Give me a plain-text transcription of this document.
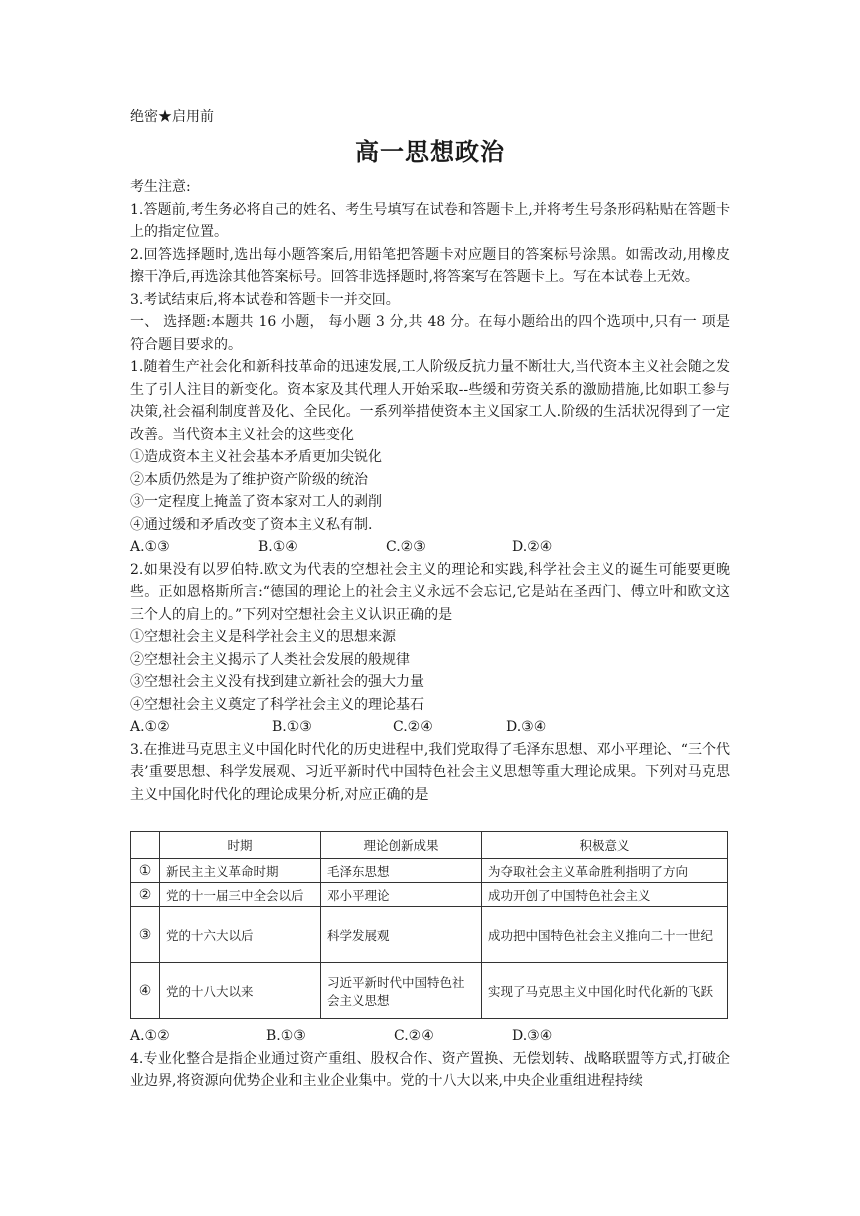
绝密★启用前
高一思想政治

考生注意:

1.答题前,考生务必将自己的姓名、考生号填写在试卷和答题卡上,并将考生号条形码粘贴在答题卡上的指定位置。

2.回答选择题时,选出每小题答案后,用铅笔把答题卡对应题目的答案标号涂黑。如需改动,用橡皮擦干净后,再选涂其他答案标号。回答非选择题时,将答案写在答题卡上。写在本试卷上无效。

3.考试结束后,将本试卷和答题卡一并交回。

一、 选择题:本题共 16 小题， 每小题 3 分,共 48 分。在每小题给出的四个选项中,只有一 项是符合题目要求的。

1.随着生产社会化和新科技革命的迅速发展,工人阶级反抗力量不断壮大,当代资本主义社会随之发生了引人注目的新变化。资本家及其代理人开始采取--些缓和劳资关系的激励措施,比如职工参与决策,社会福利制度普及化、全民化。一系列举措使资本主义国家工人.阶级的生活状况得到了一定改善。当代资本主义社会的这些变化

①造成资本主义社会基本矛盾更加尖锐化

②本质仍然是为了维护资产阶级的统治

③一定程度上掩盖了资本家对工人的剥削

④通过缓和矛盾改变了资本主义私有制.

A.①③	B.①④	C.②③	D.②④

2.如果没有以罗伯特.欧文为代表的空想社会主义的理论和实践,科学社会主义的诞生可能要更晚些。正如恩格斯所言:“德国的理论上的社会主义永远不会忘记,它是站在圣西门、傅立叶和欧文这三个人的肩上的。”下列对空想社会主义认识正确的是

①空想社会主义是科学社会主义的思想来源

②空想社会主义揭示了人类社会发展的般规律

③空想社会主义没有找到建立新社会的强大力量

④空想社会主义奠定了科学社会主义的理论基石

A.①②	B.①③	C.②④	D.③④

3.在推进马克思主义中国化时代化的历史进程中,我们党取得了毛泽东思想、邓小平理论、“三个代表’重要思想、科学发展观、习近平新时代中国特色社会主义思想等重大理论成果。下列对马克思主义中国化时代化的理论成果分析,对应正确的是

	时期	理论创新成果	积极意义
①	新民主主义革命时期	毛泽东思想	为夺取社会主义革命胜利指明了方向
②	党的十一届三中全会以后	邓小平理论	成功开创了中国特色社会主义
③	党的十六大以后	科学发展观	成功把中国特色社会主义推向二十一世纪
④	党的十八大以来	习近平新时代中国特色社会主义思想	实现了马克思主义中国化时代化新的飞跃
A.①②	B.①③	C.②④	D.③④

4.专业化整合是指企业通过资产重组、股权合作、资产置换、无偿划转、战略联盟等方式,打破企业边界,将资源向优势企业和主业企业集中。党的十八大以来,中央企业重组进程持续
